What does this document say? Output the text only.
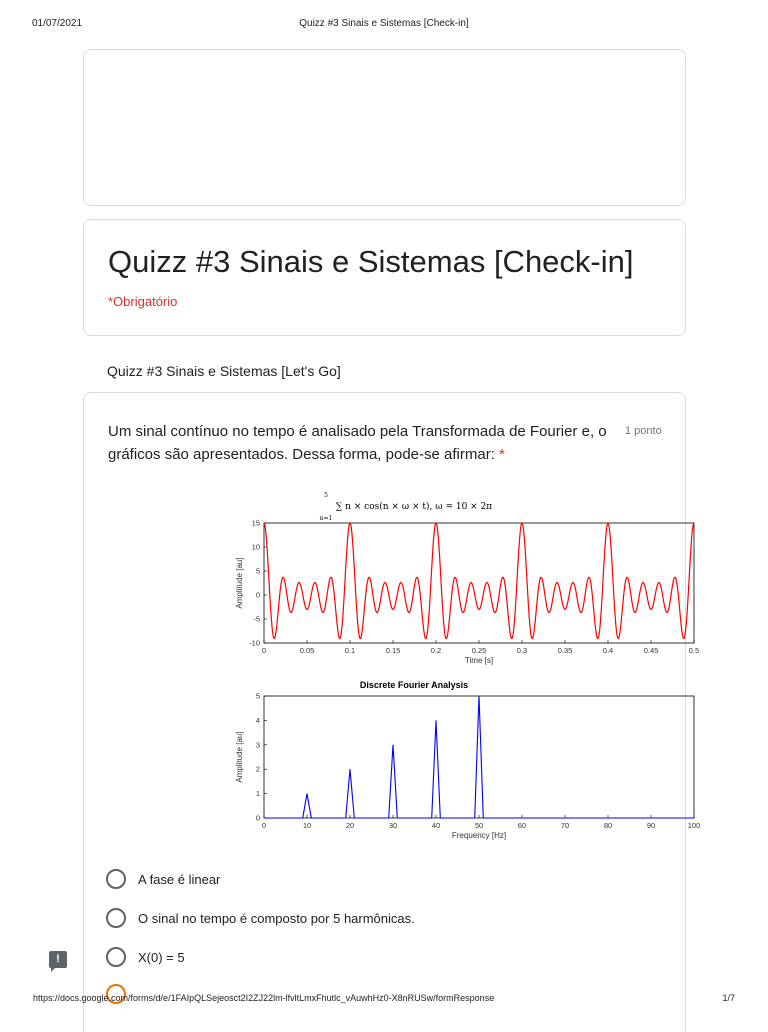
01/07/2021	Quizz #3 Sinais e Sistemas [Check-in]
Quizz #3 Sinais e Sistemas [Check-in]
*Obrigatório
Quizz #3 Sinais e Sistemas [Let's Go]
Um sinal contínuo no tempo é analisado pela Transformada de Fourier e, o gráficos são apresentados. Dessa forma, pode-se afirmar: *
1 ponto
∑ n × cos(n × ω × t), ω = 10 × 2π
5
n=1
0	0.05	0.1	0.15	0.2	0.25	0.3	0.35	0.4	0.45	0.5
-10
-5
0
5
10
15
Time [s]
Amplitude [au]
Discrete Fourier Analysis
0	10	20	30	40	50	60	70	80	90	100
0
1
2
3
4
5
Frequency [Hz]
Amplitude [au]
A fase é linear
O sinal no tempo é composto por 5 harmônicas.
X(0) = 5
!
https://docs.google.com/forms/d/e/1FAIpQLSejeosct2I2ZJ22lm-lfvltLmxFhutlc_vAuwhHz0-X8nRUSw/formResponse	1/7
